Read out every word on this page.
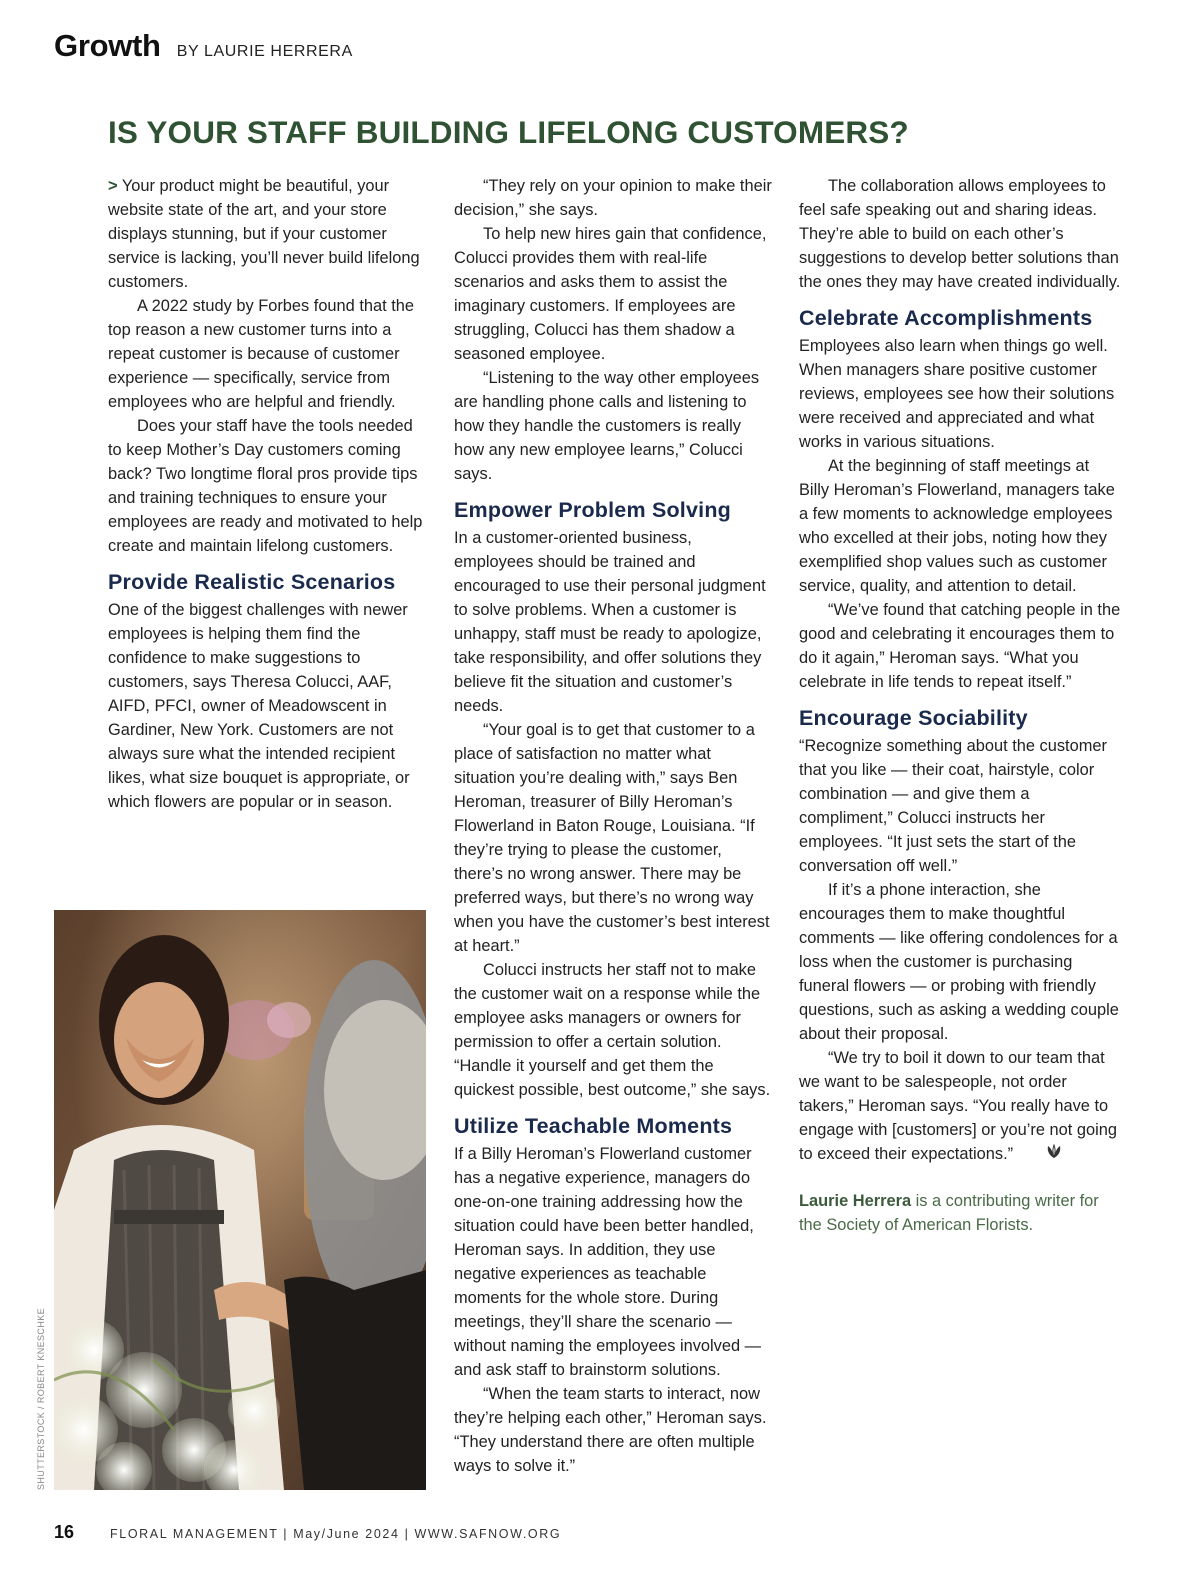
Growth BY LAURIE HERRERA
IS YOUR STAFF BUILDING LIFELONG CUSTOMERS?

> Your product might be beautiful, your website state of the art, and your store displays stunning, but if your customer service is lacking, you’ll never build lifelong customers.

A 2022 study by Forbes found that the top reason a new customer turns into a repeat customer is because of customer experience — specifically, service from employees who are helpful and friendly.

Does your staff have the tools needed to keep Mother’s Day customers coming back? Two longtime floral pros provide tips and training techniques to ensure your employees are ready and motivated to help create and maintain lifelong customers.

Provide Realistic Scenarios

One of the biggest challenges with newer employees is helping them find the confidence to make suggestions to customers, says Theresa Colucci, AAF, AIFD, PFCI, owner of Meadowscent in Gardiner, New York. Customers are not always sure what the intended recipient likes, what size bouquet is appropriate, or which flowers are popular or in season.

“They rely on your opinion to make their decision,” she says.

To help new hires gain that confidence, Colucci provides them with real-life scenarios and asks them to assist the imaginary customers. If employees are struggling, Colucci has them shadow a seasoned employee.

“Listening to the way other employees are handling phone calls and listening to how they handle the customers is really how any new employee learns,” Colucci says.

Empower Problem Solving

In a customer-oriented business, employees should be trained and encouraged to use their personal judgment to solve problems. When a customer is unhappy, staff must be ready to apologize, take responsibility, and offer solutions they believe fit the situation and customer’s needs.

“Your goal is to get that customer to a place of satisfaction no matter what situation you’re dealing with,” says Ben Heroman, treasurer of Billy Heroman’s Flowerland in Baton Rouge, Louisiana. “If they’re trying to please the customer, there’s no wrong answer. There may be preferred ways, but there’s no wrong way when you have the customer’s best interest at heart.”

Colucci instructs her staff not to make the customer wait on a response while the employee asks managers or owners for permission to offer a certain solution. “Handle it yourself and get them the quickest possible, best outcome,” she says.

Utilize Teachable Moments

If a Billy Heroman’s Flowerland customer has a negative experience, managers do one-on-one training addressing how the situation could have been better handled, Heroman says. In addition, they use negative experiences as teachable moments for the whole store. During meetings, they’ll share the scenario — without naming the employees involved — and ask staff to brainstorm solutions.

“When the team starts to interact, now they’re helping each other,” Heroman says. “They understand there are often multiple ways to solve it.”

The collaboration allows employees to feel safe speaking out and sharing ideas. They’re able to build on each other’s suggestions to develop better solutions than the ones they may have created individually.

Celebrate Accomplishments

Employees also learn when things go well. When managers share positive customer reviews, employees see how their solutions were received and appreciated and what works in various situations.

At the beginning of staff meetings at Billy Heroman’s Flowerland, managers take a few moments to acknowledge employees who excelled at their jobs, noting how they exemplified shop values such as customer service, quality, and attention to detail.

“We’ve found that catching people in the good and celebrating it encourages them to do it again,” Heroman says. “What you celebrate in life tends to repeat itself.”

Encourage Sociability

“Recognize something about the customer that you like — their coat, hairstyle, color combination — and give them a compliment,” Colucci instructs her employees. “It just sets the start of the conversation off well.”

If it’s a phone interaction, she encourages them to make thoughtful comments — like offering condolences for a loss when the customer is purchasing funeral flowers — or probing with friendly questions, such as asking a wedding couple about their proposal.

“We try to boil it down to our team that we want to be salespeople, not order takers,” Heroman says. “You really have to engage with [customers] or you’re not going to exceed their expectations.”

Laurie Herrera is a contributing writer for the Society of American Florists.

SHUTTERSTOCK / ROBERT KNESCHKE
16	FLORAL MANAGEMENT | May/June 2024 | WWW.SAFNOW.ORG
